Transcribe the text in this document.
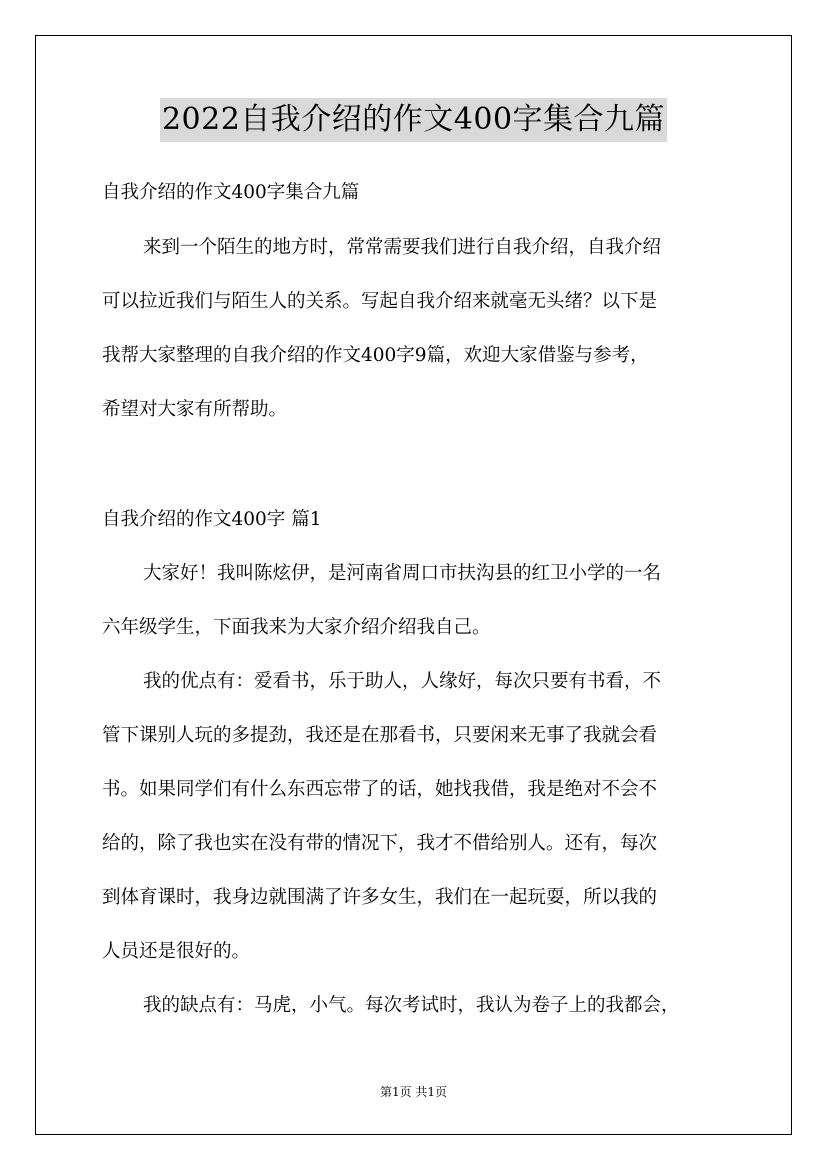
2022自我介绍的作文400字集合九篇
自我介绍的作文400字集合九篇
来到一个陌生的地方时，常常需要我们进行自我介绍，自我介绍
可以拉近我们与陌生人的关系。写起自我介绍来就毫无头绪？以下是
我帮大家整理的自我介绍的作文400字9篇，欢迎大家借鉴与参考，
希望对大家有所帮助。
自我介绍的作文400字 篇1
大家好！我叫陈炫伊，是河南省周口市扶沟县的红卫小学的一名
六年级学生，下面我来为大家介绍介绍我自己。
我的优点有：爱看书，乐于助人，人缘好，每次只要有书看，不
管下课别人玩的多提劲，我还是在那看书，只要闲来无事了我就会看
书。如果同学们有什么东西忘带了的话，她找我借，我是绝对不会不
给的，除了我也实在没有带的情况下，我才不借给别人。还有，每次
到体育课时，我身边就围满了许多女生，我们在一起玩耍，所以我的
人员还是很好的。
我的缺点有：马虎，小气。每次考试时，我认为卷子上的我都会，
第1页 共1页
